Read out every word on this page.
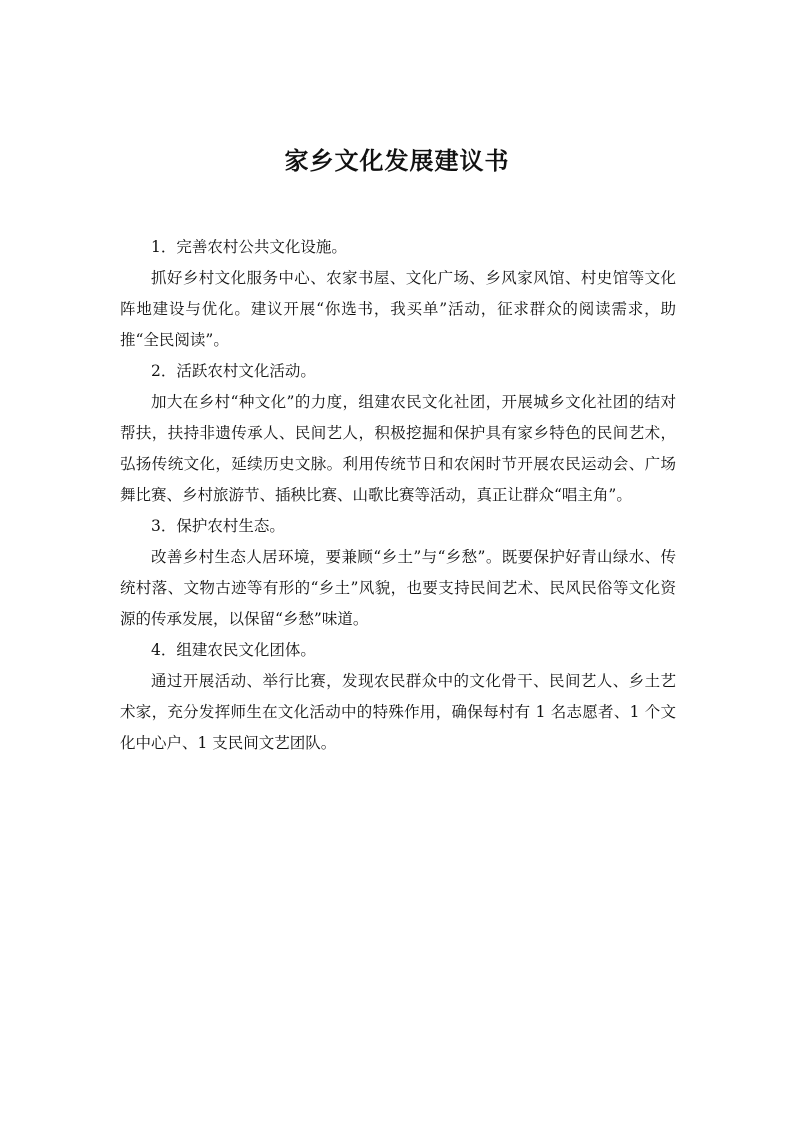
家乡文化发展建议书

1．完善农村公共文化设施。

抓好乡村文化服务中心、农家书屋、文化广场、乡风家风馆、村史馆等文化阵地建设与优化。建议开展“你选书，我买单”活动，征求群众的阅读需求，助推“全民阅读”。

2．活跃农村文化活动。

加大在乡村“种文化”的力度，组建农民文化社团，开展城乡文化社团的结对帮扶，扶持非遗传承人、民间艺人，积极挖掘和保护具有家乡特色的民间艺术，弘扬传统文化，延续历史文脉。利用传统节日和农闲时节开展农民运动会、广场舞比赛、乡村旅游节、插秧比赛、山歌比赛等活动，真正让群众“唱主角”。

3．保护农村生态。

改善乡村生态人居环境，要兼顾“乡土”与“乡愁”。既要保护好青山绿水、传统村落、文物古迹等有形的“乡土”风貌，也要支持民间艺术、民风民俗等文化资源的传承发展，以保留“乡愁”味道。

4．组建农民文化团体。

通过开展活动、举行比赛，发现农民群众中的文化骨干、民间艺人、乡土艺术家，充分发挥师生在文化活动中的特殊作用，确保每村有 1 名志愿者、1 个文化中心户、1 支民间文艺团队。
